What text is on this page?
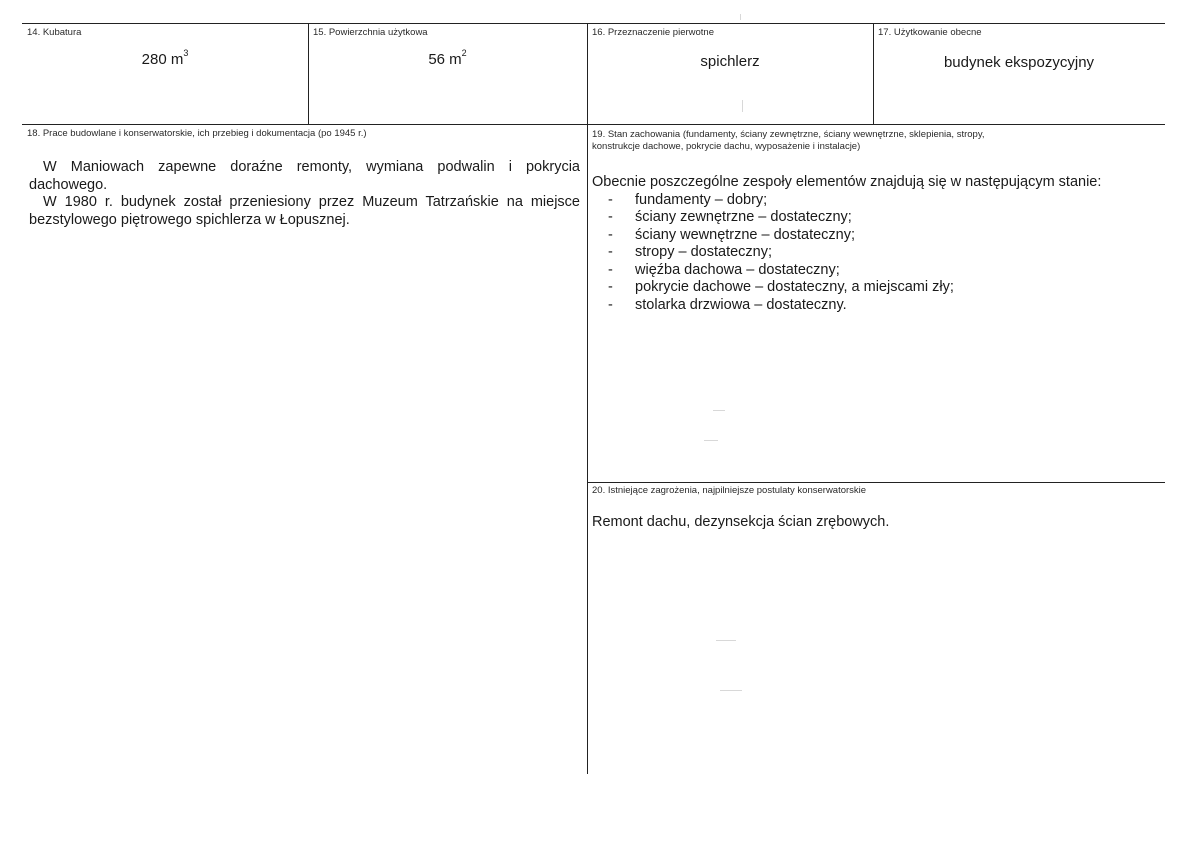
14. Kubatura
280 $m^3$
15. Powierzchnia użytkowa
56 $m^2$
16. Przeznaczenie pierwotne
spichlerz
17. Użytkowanie obecne
budynek ekspozycyjny
18. Prace budowlane i konserwatorskie, ich przebieg i dokumentacja (po 1945 r.)

W Maniowach zapewne doraźne remonty, wymiana podwalin i pokrycia dachowego.

W 1980 r. budynek został przeniesiony przez Muzeum Tatrzańskie na miejsce bezstylowego piętrowego spichlerza w Łopusznej.

19. Stan zachowania (fundamenty, ściany zewnętrzne, ściany wewnętrzne, sklepienia, stropy,
konstrukcje dachowe, pokrycie dachu, wyposażenie i instalacje)
Obecnie poszczególne zespoły elementów znajdują się w następującym stanie:
- fundamenty – dobry;
- ściany zewnętrzne – dostateczny;
- ściany wewnętrzne – dostateczny;
- stropy – dostateczny;
- więźba dachowa – dostateczny;
- pokrycie dachowe – dostateczny, a miejscami zły;
- stolarka drzwiowa – dostateczny.
20. Istniejące zagrożenia, najpilniejsze postulaty konserwatorskie
Remont dachu, dezynsekcja ścian zrębowych.
